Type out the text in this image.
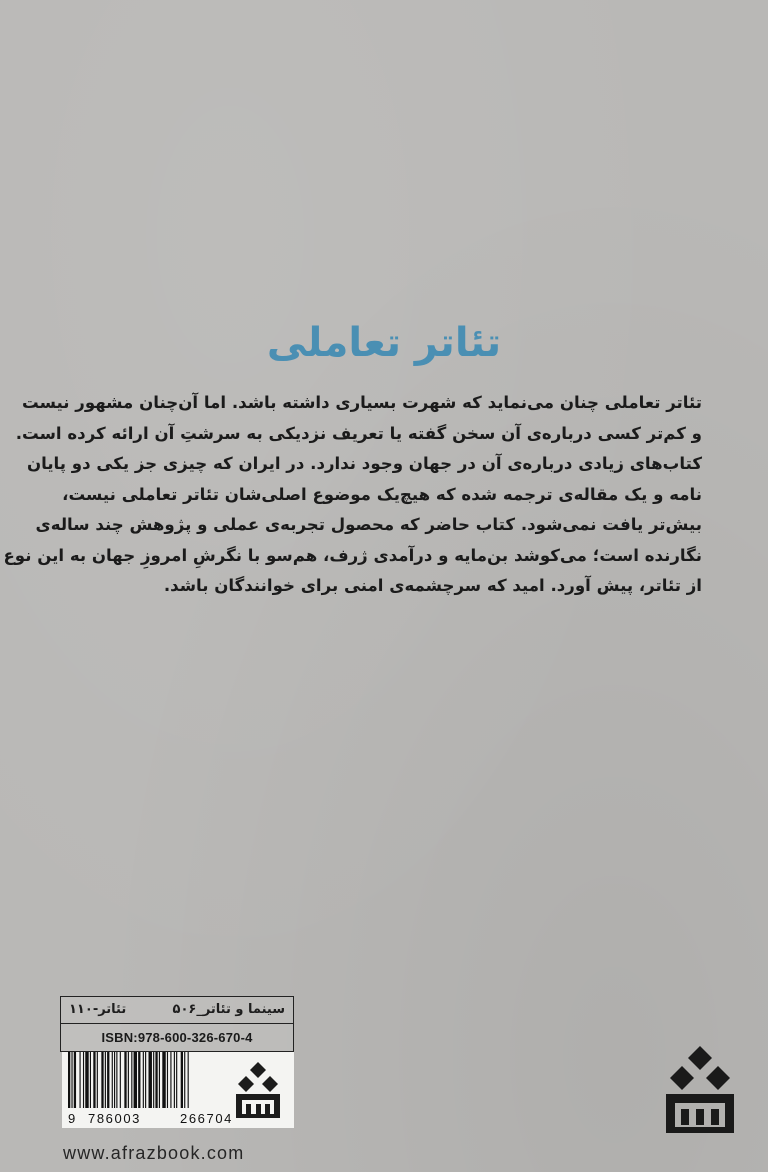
تئاتر تعاملی
تئاتر تعاملی چنان می‌نماید که شهرت بسیاری داشته باشد. اما آن‌چنان مشهور نیست
و کم‌تر کسی درباره‌ی آن سخن گفته یا تعریف نزدیکی به سرشتِ آن ارائه کرده است.
کتاب‌های زیادی درباره‌ی آن در جهان وجود ندارد. در ایران که چیزی جز یکی دو پایان
نامه و یک مقاله‌ی ترجمه شده که هیچ‌یک موضوع اصلی‌شان تئاتر تعاملی نیست،
بیش‌تر یافت نمی‌شود. کتاب حاضر که محصول تجربه‌ی عملی و پژوهش چند ساله‌ی
نگارنده است؛ می‌کوشد بن‌مایه و درآمدی ژرف، هم‌سو با نگرشِ امروزِ جهان به این نوع
از تئاتر، پیش آورد. امید که سرچشمه‌ی امنی برای خوانندگان باشد.
سینما و تئاتر_۵۰۶
تئاتر-۱۱۰
ISBN:978-600-326-670-4
9 786003	266704
www.afrazbook.com
